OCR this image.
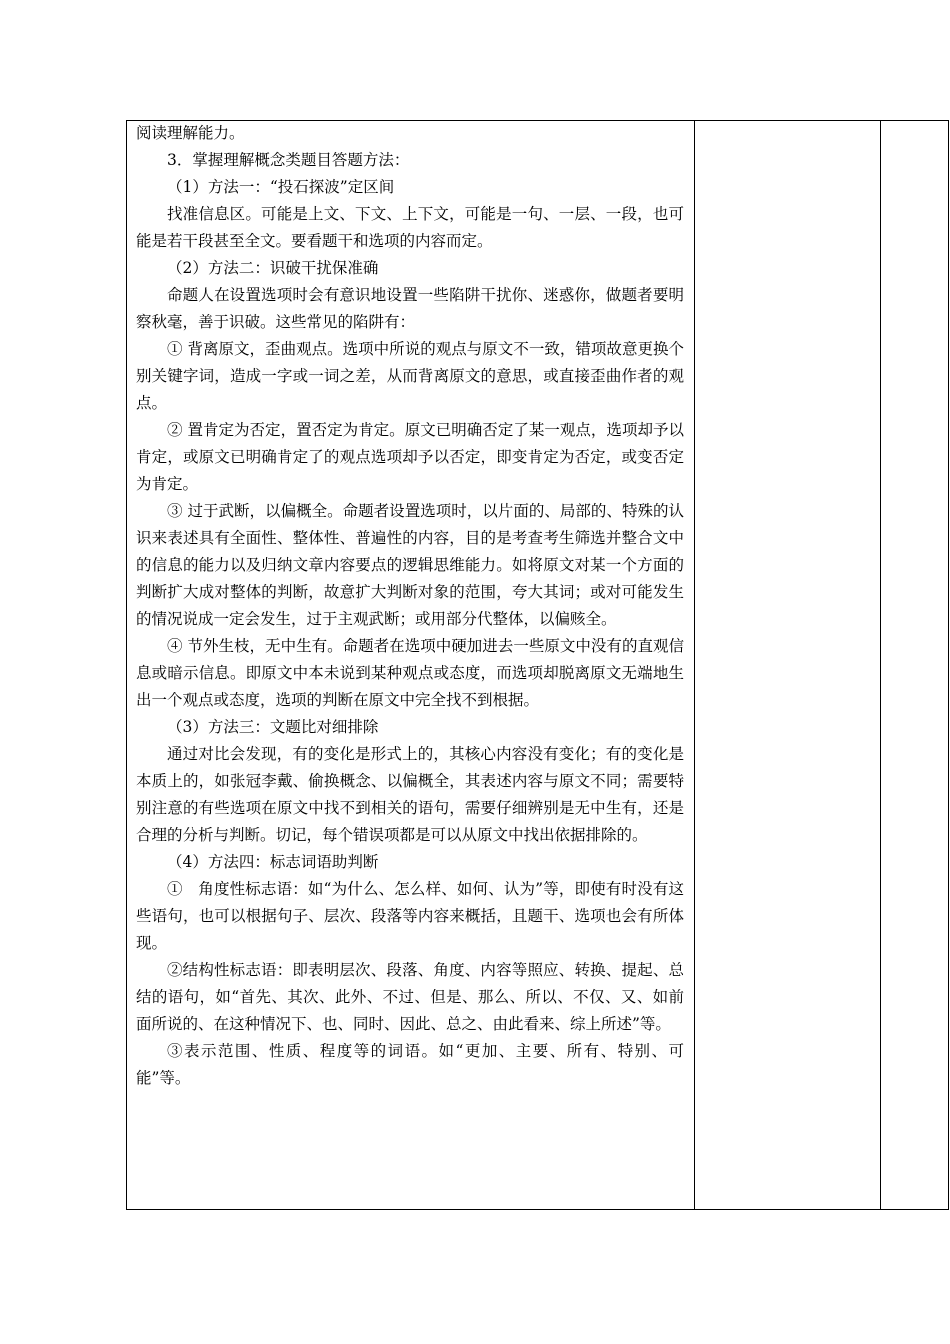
阅读理解能力。

3．掌握理解概念类题目答题方法：

（1）方法一：“投石探波”定区间

找准信息区。可能是上文、下文、上下文，可能是一句、一层、一段，也可能是若干段甚至全文。要看题干和选项的内容而定。

（2）方法二：识破干扰保准确

命题人在设置选项时会有意识地设置一些陷阱干扰你、迷惑你，做题者要明察秋毫，善于识破。这些常见的陷阱有：

① 背离原文，歪曲观点。选项中所说的观点与原文不一致，错项故意更换个别关键字词，造成一字或一词之差，从而背离原文的意思，或直接歪曲作者的观点。

② 置肯定为否定，置否定为肯定。原文已明确否定了某一观点，选项却予以肯定，或原文已明确肯定了的观点选项却予以否定，即变肯定为否定，或变否定为肯定。

③ 过于武断，以偏概全。命题者设置选项时，以片面的、局部的、特殊的认识来表述具有全面性、整体性、普遍性的内容，目的是考查考生筛选并整合文中的信息的能力以及归纳文章内容要点的逻辑思维能力。如将原文对某一个方面的判断扩大成对整体的判断，故意扩大判断对象的范围，夸大其词；或对可能发生的情况说成一定会发生，过于主观武断；或用部分代整体，以偏赅全。

④ 节外生枝，无中生有。命题者在选项中硬加进去一些原文中没有的直观信息或暗示信息。即原文中本未说到某种观点或态度，而选项却脱离原文无端地生出一个观点或态度，选项的判断在原文中完全找不到根据。

（3）方法三：文题比对细排除

通过对比会发现，有的变化是形式上的，其核心内容没有变化；有的变化是本质上的，如张冠李戴、偷换概念、以偏概全，其表述内容与原文不同；需要特别注意的有些选项在原文中找不到相关的语句，需要仔细辨别是无中生有，还是合理的分析与判断。切记，每个错误项都是可以从原文中找出依据排除的。

（4）方法四：标志词语助判断

①　角度性标志语：如“为什么、怎么样、如何、认为”等，即使有时没有这些语句，也可以根据句子、层次、段落等内容来概括，且题干、选项也会有所体现。

②结构性标志语：即表明层次、段落、角度、内容等照应、转换、提起、总结的语句，如“首先、其次、此外、不过、但是、那么、所以、不仅、又、如前面所说的、在这种情况下、也、同时、因此、总之、由此看来、综上所述”等。

③表示范围、性质、程度等的词语。如“更加、主要、所有、特别、可能”等。
